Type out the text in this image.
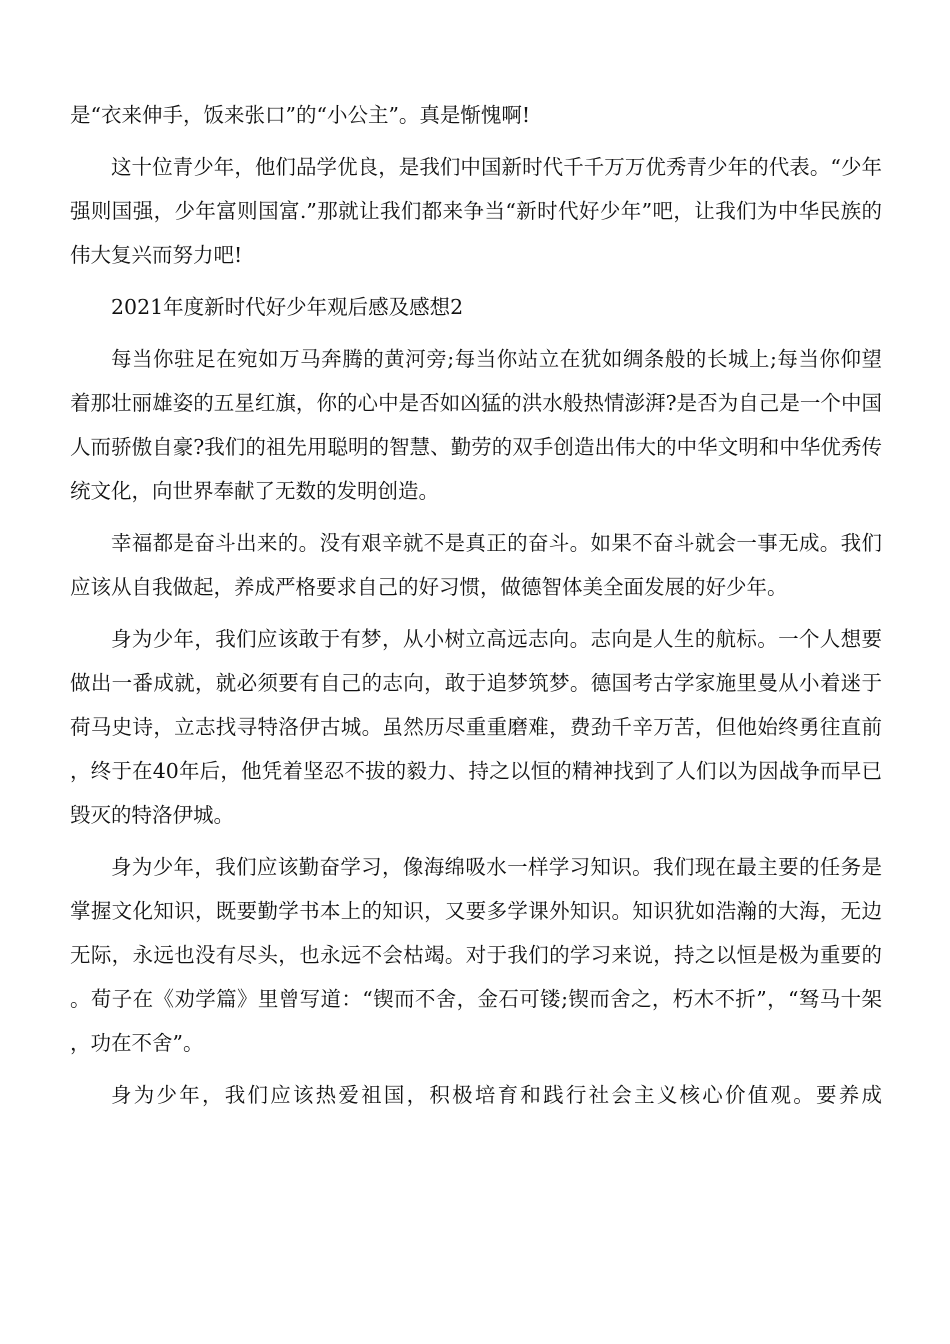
是“衣来伸手，饭来张口”的“小公主”。真是惭愧啊!

这十位青少年，他们品学优良，是我们中国新时代千千万万优秀青少年的代表。“少年强则国强，少年富则国富.”那就让我们都来争当“新时代好少年”吧，让我们为中华民族的伟大复兴而努力吧!

2021年度新时代好少年观后感及感想2

每当你驻足在宛如万马奔腾的黄河旁;每当你站立在犹如绸条般的长城上;每当你仰望着那壮丽雄姿的五星红旗，你的心中是否如凶猛的洪水般热情澎湃?是否为自己是一个中国人而骄傲自豪?我们的祖先用聪明的智慧、勤劳的双手创造出伟大的中华文明和中华优秀传统文化，向世界奉献了无数的发明创造。

幸福都是奋斗出来的。没有艰辛就不是真正的奋斗。如果不奋斗就会一事无成。我们应该从自我做起，养成严格要求自己的好习惯，做德智体美全面发展的好少年。

身为少年，我们应该敢于有梦，从小树立高远志向。志向是人生的航标。一个人想要做出一番成就，就必须要有自己的志向，敢于追梦筑梦。德国考古学家施里曼从小着迷于荷马史诗，立志找寻特洛伊古城。虽然历尽重重磨难，费劲千辛万苦，但他始终勇往直前，终于在40年后，他凭着坚忍不拔的毅力、持之以恒的精神找到了人们以为因战争而早已毁灭的特洛伊城。

身为少年，我们应该勤奋学习，像海绵吸水一样学习知识。我们现在最主要的任务是掌握文化知识，既要勤学书本上的知识，又要多学课外知识。知识犹如浩瀚的大海，无边无际，永远也没有尽头，也永远不会枯竭。对于我们的学习来说，持之以恒是极为重要的。荀子在《劝学篇》里曾写道：“锲而不舍，金石可镂;锲而舍之，朽木不折”，“驽马十架，功在不舍”。

身为少年，我们应该热爱祖国，积极培育和践行社会主义核心价值观。要养成
